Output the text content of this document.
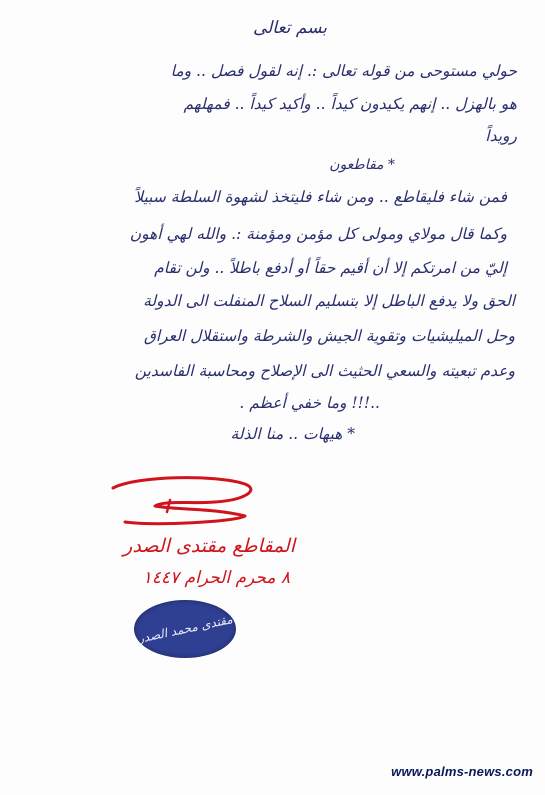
بسم تعالى
حولي مستوحى من قوله تعالى :. إنه لقول فصل .. وما
هو بالهزل .. إنهم يكيدون كيداً .. وأكيد كيداً .. فمهلهم
رويداً
* مقاطعون
فمن شاء فليقاطع .. ومن شاء فليتخذ لشهوة السلطة سبيلاً
وكما قال مولاي ومولى كل مؤمن ومؤمنة :. والله لهي أهون
إليّ من امرتكم إلا أن أقيم حقاً أو أدفع باطلاً .. ولن تقام
الحق ولا يدفع الباطل إلا بتسليم السلاح المنفلت الى الدولة
وحل الميليشيات وتقوية الجيش والشرطة واستقلال العراق
وعدم تبعيته والسعي الحثيث الى الإصلاح ومحاسبة الفاسدين
..!!! وما خفي أعظم .
* هيهات .. منا الذلة
المقاطع مقتدى الصدر
٨ محرم الحرام ١٤٤٧
مقتدى محمد الصدر
www.palms-news.com
